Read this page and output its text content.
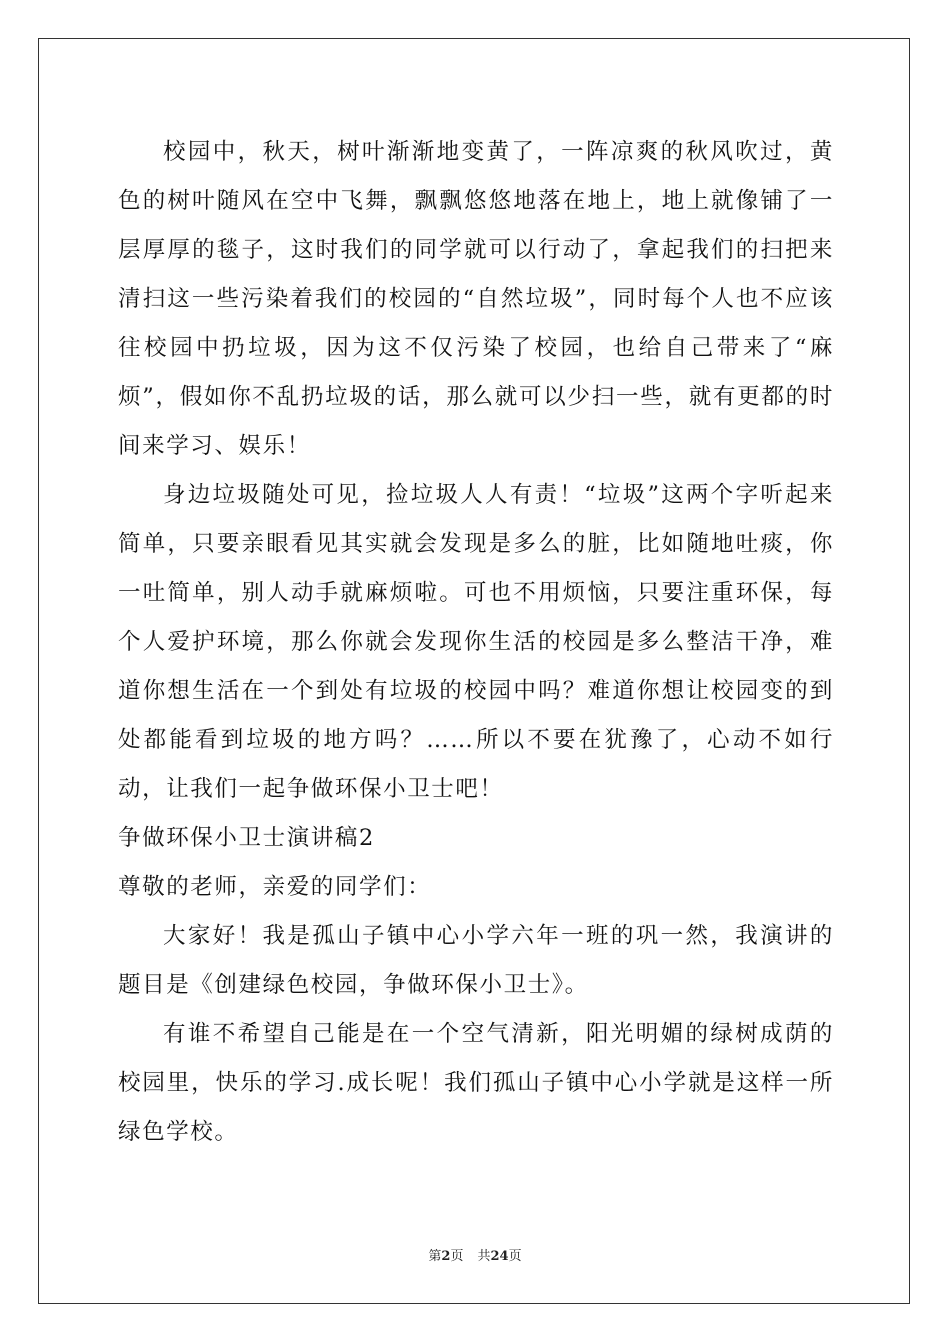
校园中，秋天，树叶渐渐地变黄了，一阵凉爽的秋风吹过，黄色的树叶随风在空中飞舞，飘飘悠悠地落在地上，地上就像铺了一层厚厚的毯子，这时我们的同学就可以行动了，拿起我们的扫把来清扫这一些污染着我们的校园的“自然垃圾”，同时每个人也不应该往校园中扔垃圾，因为这不仅污染了校园，也给自己带来了“麻烦”，假如你不乱扔垃圾的话，那么就可以少扫一些，就有更都的时间来学习、娱乐！

身边垃圾随处可见，捡垃圾人人有责！“垃圾”这两个字听起来简单，只要亲眼看见其实就会发现是多么的脏，比如随地吐痰，你一吐简单，别人动手就麻烦啦。可也不用烦恼，只要注重环保，每个人爱护环境，那么你就会发现你生活的校园是多么整洁干净，难道你想生活在一个到处有垃圾的校园中吗？难道你想让校园变的到处都能看到垃圾的地方吗？……所以不要在犹豫了，心动不如行动，让我们一起争做环保小卫士吧！

争做环保小卫士演讲稿2

尊敬的老师，亲爱的同学们：

大家好！我是孤山子镇中心小学六年一班的巩一然，我演讲的题目是《创建绿色校园，争做环保小卫士》。

有谁不希望自己能是在一个空气清新，阳光明媚的绿树成荫的校园里，快乐的学习.成长呢！我们孤山子镇中心小学就是这样一所绿色学校。

第2页 共24页
